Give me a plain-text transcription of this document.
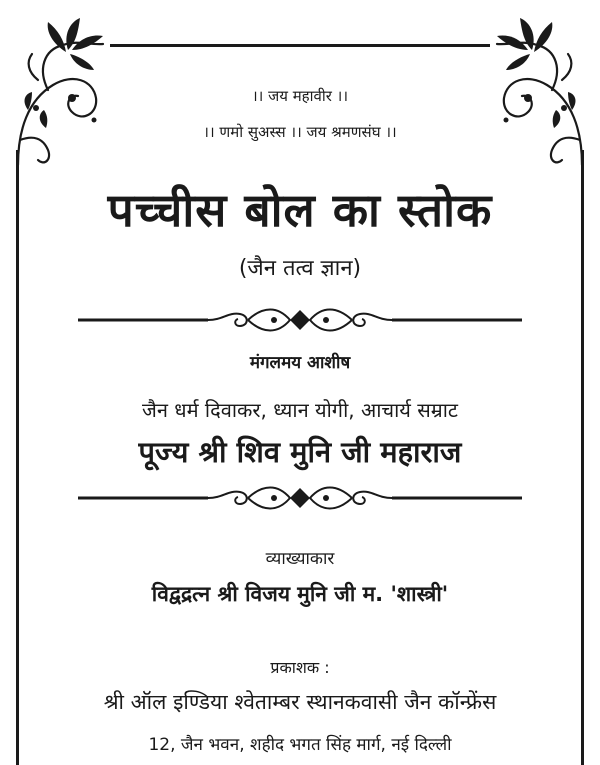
।। जय महावीर ।।
।। णमो सुअस्स ।। जय श्रमणसंघ ।।
पच्चीस बोल का स्तोक
(जैन तत्व ज्ञान)
मंगलमय आशीष
जैन धर्म दिवाकर, ध्यान योगी, आचार्य सम्राट
पूज्य श्री शिव मुनि जी महाराज
व्याख्याकार
विद्वद्रत्न श्री विजय मुनि जी म. 'शास्त्री'
प्रकाशक :
श्री ऑल इण्डिया श्वेताम्बर स्थानकवासी जैन कॉन्फ्रेंस
12, जैन भवन, शहीद भगत सिंह मार्ग, नई दिल्ली
